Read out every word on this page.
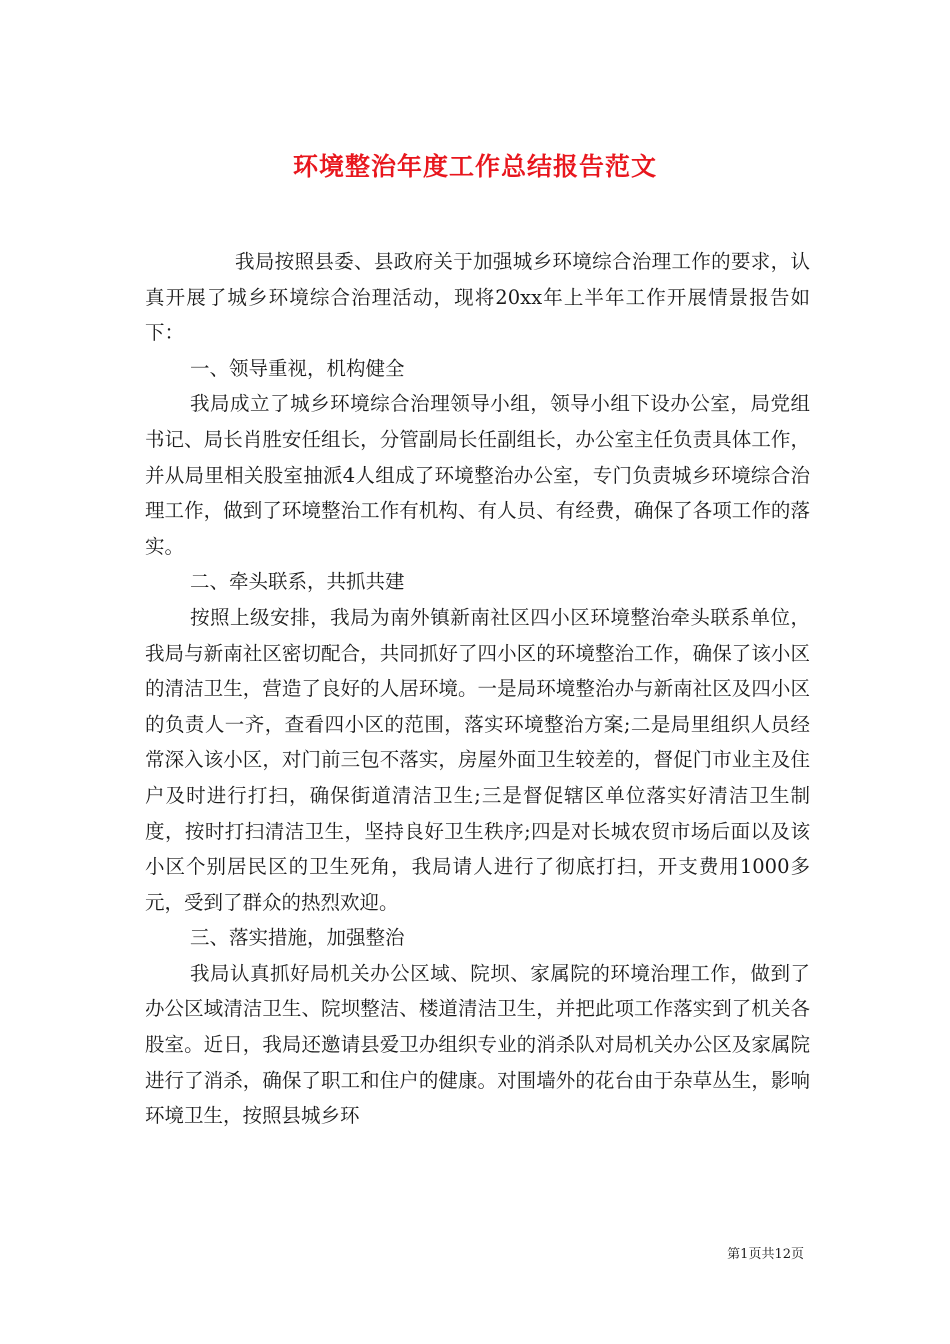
环境整治年度工作总结报告范文

我局按照县委、县政府关于加强城乡环境综合治理工作的要求，认真开展了城乡环境综合治理活动，现将20xx年上半年工作开展情景报告如下：

一、领导重视，机构健全

我局成立了城乡环境综合治理领导小组，领导小组下设办公室，局党组书记、局长肖胜安任组长，分管副局长任副组长，办公室主任负责具体工作，并从局里相关股室抽派4人组成了环境整治办公室，专门负责城乡环境综合治理工作，做到了环境整治工作有机构、有人员、有经费，确保了各项工作的落实。

二、牵头联系，共抓共建

按照上级安排，我局为南外镇新南社区四小区环境整治牵头联系单位，我局与新南社区密切配合，共同抓好了四小区的环境整治工作，确保了该小区的清洁卫生，营造了良好的人居环境。一是局环境整治办与新南社区及四小区的负责人一齐，查看四小区的范围，落实环境整治方案;二是局里组织人员经常深入该小区，对门前三包不落实，房屋外面卫生较差的，督促门市业主及住户及时进行打扫，确保街道清洁卫生;三是督促辖区单位落实好清洁卫生制度，按时打扫清洁卫生，坚持良好卫生秩序;四是对长城农贸市场后面以及该小区个别居民区的卫生死角，我局请人进行了彻底打扫，开支费用1000多元，受到了群众的热烈欢迎。

三、落实措施，加强整治

我局认真抓好局机关办公区域、院坝、家属院的环境治理工作，做到了办公区域清洁卫生、院坝整洁、楼道清洁卫生，并把此项工作落实到了机关各股室。近日，我局还邀请县爱卫办组织专业的消杀队对局机关办公区及家属院进行了消杀，确保了职工和住户的健康。对围墙外的花台由于杂草丛生，影响环境卫生，按照县城乡环

第1页共12页
